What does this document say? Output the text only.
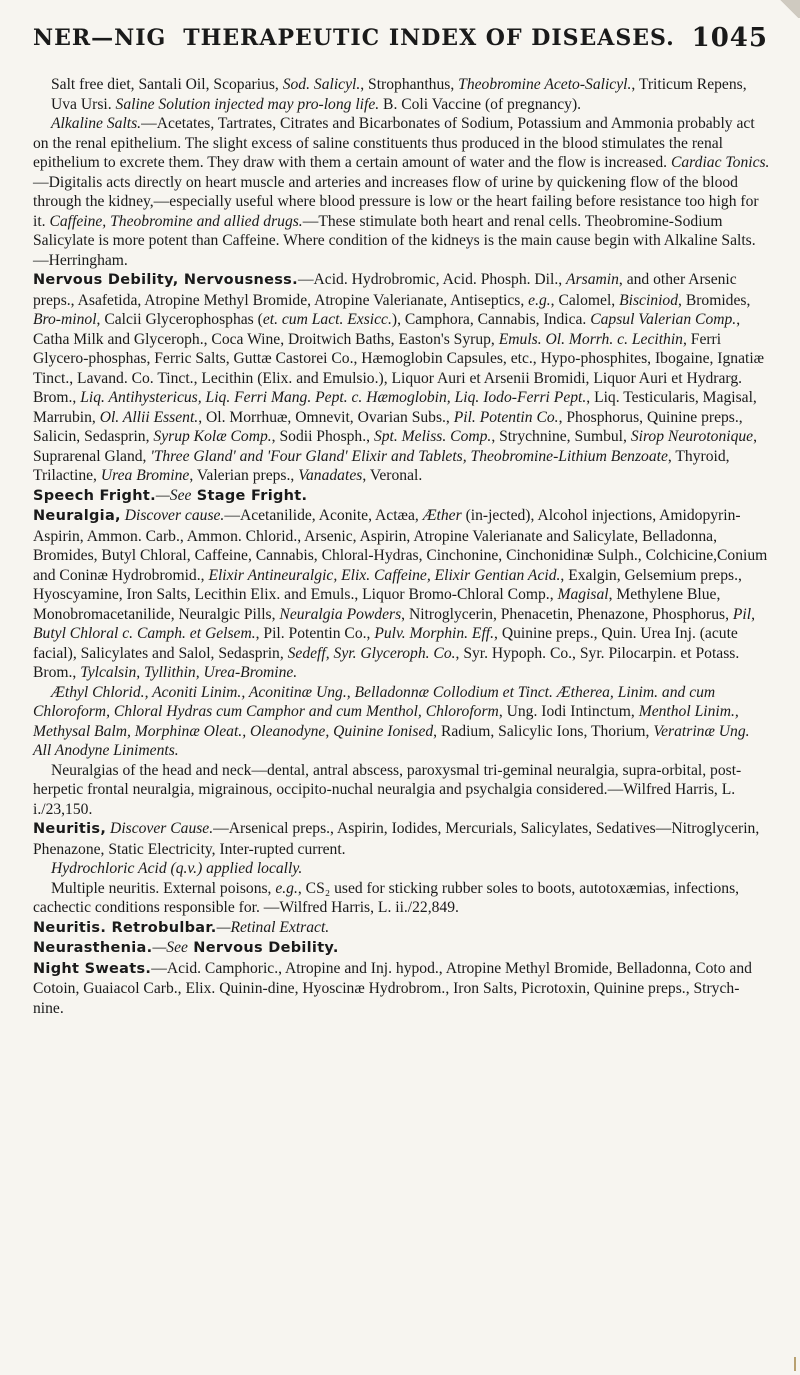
NER—NIG THERAPEUTIC INDEX OF DISEASES. 1045

Salt free diet, Santali Oil, Scoparius, Sod. Salicyl., Strophanthus, Theobromine Aceto-Salicyl., Triticum Repens, Uva Ursi. Saline Solution injected may pro-long life. B. Coli Vaccine (of pregnancy).

Alkaline Salts.—Acetates, Tartrates, Citrates and Bicarbonates of Sodium, Potassium and Ammonia probably act on the renal epithelium. The slight excess of saline constituents thus produced in the blood stimulates the renal epithelium to excrete them. They draw with them a certain amount of water and the flow is increased. Cardiac Tonics.—Digitalis acts directly on heart muscle and arteries and increases flow of urine by quickening flow of the blood through the kidney,—especially useful where blood pressure is low or the heart failing before resistance too high for it. Caffeine, Theobromine and allied drugs.—These stimulate both heart and renal cells. Theobromine-Sodium Salicylate is more potent than Caffeine. Where condition of the kidneys is the main cause begin with Alkaline Salts.—Herringham.

Nervous Debility, Nervousness.—Acid. Hydrobromic, Acid. Phosph. Dil., Arsamin, and other Arsenic preps., Asafetida, Atropine Methyl Bromide, Atropine Valerianate, Antiseptics, e.g., Calomel, Bisciniod, Bromides, Bro-minol, Calcii Glycerophosphas (et. cum Lact. Exsicc.), Camphora, Cannabis, Indica. Capsul Valerian Comp., Catha Milk and Glyceroph., Coca Wine, Droitwich Baths, Easton's Syrup, Emuls. Ol. Morrh. c. Lecithin, Ferri Glycero-phosphas, Ferric Salts, Guttæ Castorei Co., Hæmoglobin Capsules, etc., Hypo-phosphites, Ibogaine, Ignatiæ Tinct., Lavand. Co. Tinct., Lecithin (Elix. and Emulsio.), Liquor Auri et Arsenii Bromidi, Liquor Auri et Hydrarg. Brom., Liq. Antihystericus, Liq. Ferri Mang. Pept. c. Hæmoglobin, Liq. Iodo-Ferri Pept., Liq. Testicularis, Magisal, Marrubin, Ol. Allii Essent., Ol. Morrhuæ, Omnevit, Ovarian Subs., Pil. Potentin Co., Phosphorus, Quinine preps., Salicin, Sedasprin, Syrup Kolæ Comp., Sodii Phosph., Spt. Meliss. Comp., Strychnine, Sumbul, Sirop Neurotonique, Suprarenal Gland, 'Three Gland' and 'Four Gland' Elixir and Tablets, Theobromine-Lithium Benzoate, Thyroid, Trilactine, Urea Bromine, Valerian preps., Vanadates, Veronal.

Speech Fright.—See Stage Fright.

Neuralgia, Discover cause.—Acetanilide, Aconite, Actæa, Æther (in-jected), Alcohol injections, Amidopyrin-Aspirin, Ammon. Carb., Ammon. Chlorid., Arsenic, Aspirin, Atropine Valerianate and Salicylate, Belladonna, Bromides, Butyl Chloral, Caffeine, Cannabis, Chloral-Hydras, Cinchonine, Cinchonidinæ Sulph., Colchicine,Conium and Coninæ Hydrobromid., Elixir Antineuralgic, Elix. Caffeine, Elixir Gentian Acid., Exalgin, Gelsemium preps., Hyoscyamine, Iron Salts, Lecithin Elix. and Emuls., Liquor Bromo-Chloral Comp., Magisal, Methylene Blue, Monobromacetanilide, Neuralgic Pills, Neuralgia Powders, Nitroglycerin, Phenacetin, Phenazone, Phosphorus, Pil, Butyl Chloral c. Camph. et Gelsem., Pil. Potentin Co., Pulv. Morphin. Eff., Quinine preps., Quin. Urea Inj. (acute facial), Salicylates and Salol, Sedasprin, Sedeff, Syr. Glyceroph. Co., Syr. Hypoph. Co., Syr. Pilocarpin. et Potass. Brom., Tylcalsin, Tyllithin, Urea-Bromine.

Æthyl Chlorid., Aconiti Linim., Aconitinæ Ung., Belladonnæ Collodium et Tinct. Ætherea, Linim. and cum Chloroform, Chloral Hydras cum Camphor and cum Menthol, Chloroform, Ung. Iodi Intinctum, Menthol Linim., Methysal Balm, Morphinæ Oleat., Oleanodyne, Quinine Ionised, Radium, Salicylic Ions, Thorium, Veratrinæ Ung. All Anodyne Liniments.

Neuralgias of the head and neck—dental, antral abscess, paroxysmal tri-geminal neuralgia, supra-orbital, post-herpetic frontal neuralgia, migrainous, occipito-nuchal neuralgia and psychalgia considered.—Wilfred Harris, L. i./23,150.

Neuritis, Discover Cause.—Arsenical preps., Aspirin, Iodides, Mercurials, Salicylates, Sedatives—Nitroglycerin, Phenazone, Static Electricity, Inter-rupted current.

Hydrochloric Acid (q.v.) applied locally.

Multiple neuritis. External poisons, e.g., CS₂ used for sticking rubber soles to boots, autotoxæmias, infections, cachectic conditions responsible for. —Wilfred Harris, L. ii./22,849.

Neuritis. Retrobulbar.—Retinal Extract.

Neurasthenia.—See Nervous Debility.

Night Sweats.—Acid. Camphoric., Atropine and Inj. hypod., Atropine Methyl Bromide, Belladonna, Coto and Cotoin, Guaiacol Carb., Elix. Quinin-dine, Hyoscinæ Hydrobrom., Iron Salts, Picrotoxin, Quinine preps., Strych-nine.
